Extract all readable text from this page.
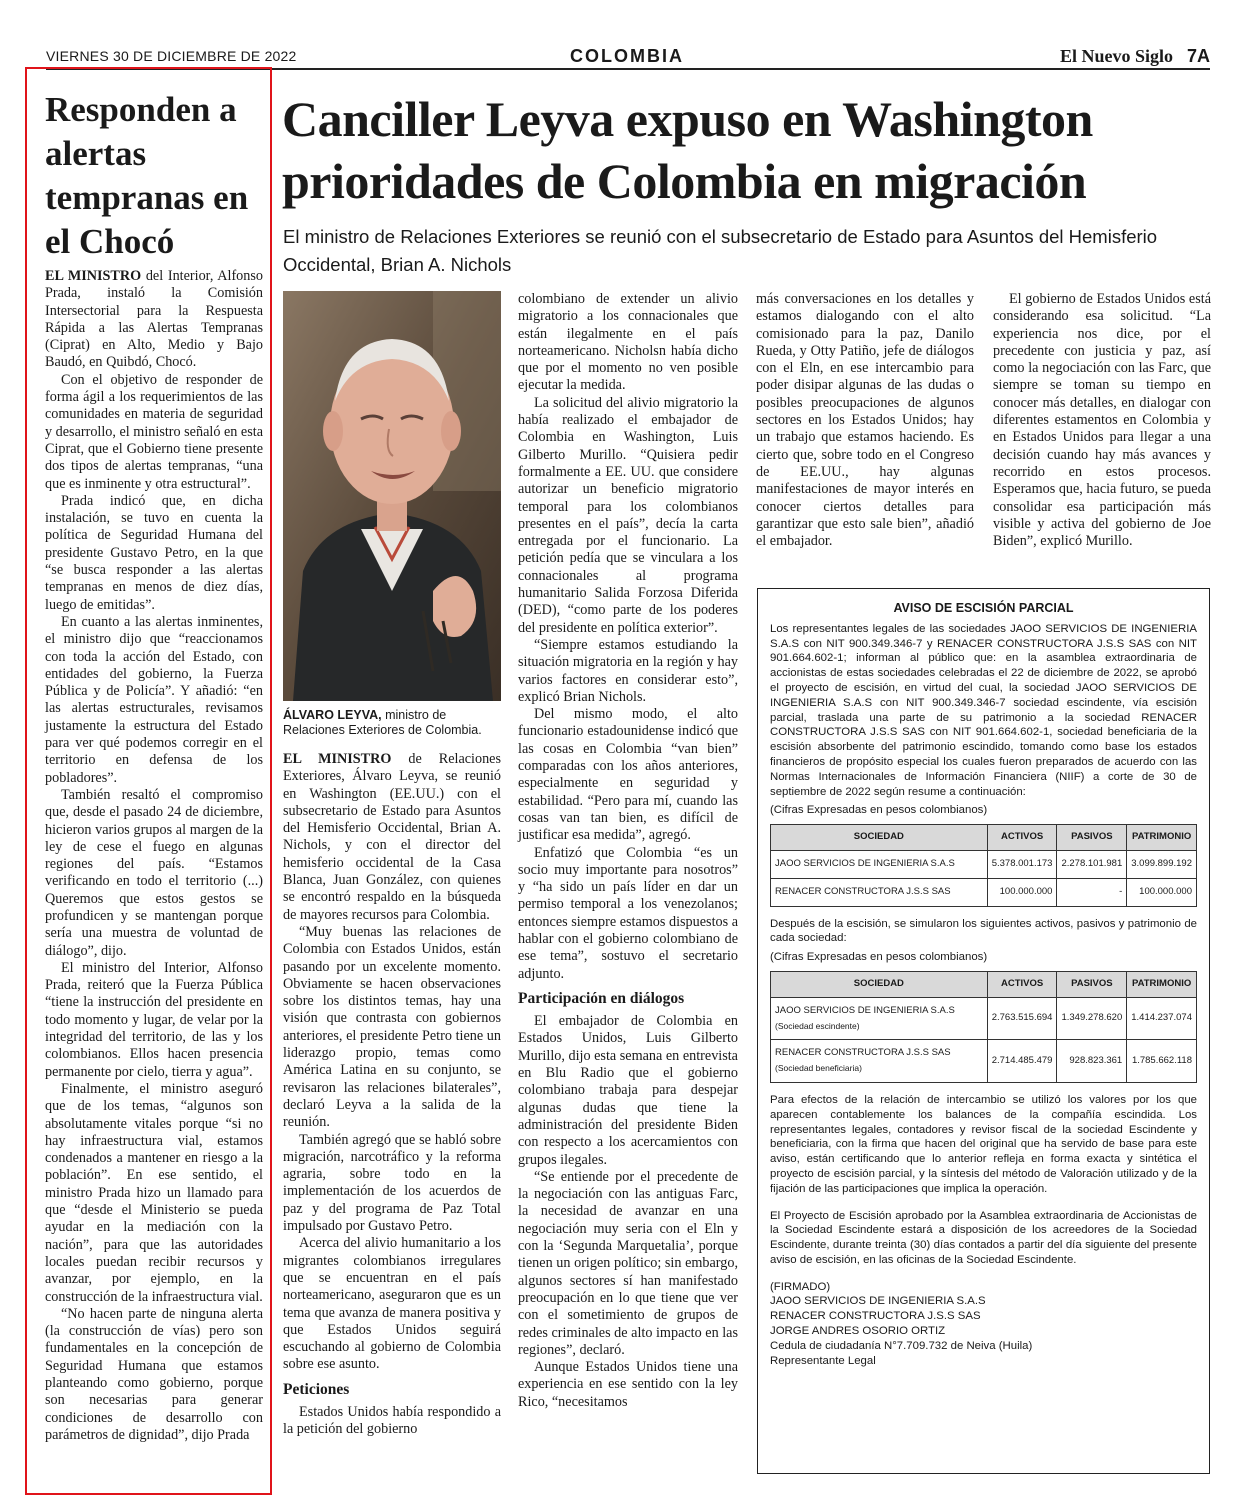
VIERNES 30 DE DICIEMBRE DE 2022	COLOMBIA	El Nuevo Siglo 7A
Responden a alertas tempranas en el Chocó

EL MINISTRO del Interior, Alfonso Prada, instaló la Comisión Intersectorial para la Respuesta Rápida a las Alertas Tempranas (Ciprat) en Alto, Medio y Bajo Baudó, en Quibdó, Chocó.

Con el objetivo de responder de forma ágil a los requerimientos de las comunidades en materia de seguridad y desarrollo, el ministro señaló en esta Ciprat, que el Gobierno tiene presente dos tipos de alertas tempranas, “una que es inminente y otra estructural”.

Prada indicó que, en dicha instalación, se tuvo en cuenta la política de Seguridad Humana del presidente Gustavo Petro, en la que “se busca responder a las alertas tempranas en menos de diez días, luego de emitidas”.

En cuanto a las alertas inminentes, el ministro dijo que “reaccionamos con toda la acción del Estado, con entidades del gobierno, la Fuerza Pública y de Policía”. Y añadió: “en las alertas estructurales, revisamos justamente la estructura del Estado para ver qué podemos corregir en el territorio en defensa de los pobladores”.

También resaltó el compromiso que, desde el pasado 24 de diciembre, hicieron varios grupos al margen de la ley de cese el fuego en algunas regiones del país. “Estamos verificando en todo el territorio (...) Queremos que estos gestos se profundicen y se mantengan porque sería una muestra de voluntad de diálogo”, dijo.

El ministro del Interior, Alfonso Prada, reiteró que la Fuerza Pública “tiene la instrucción del presidente en todo momento y lugar, de velar por la integridad del territorio, de las y los colombianos. Ellos hacen presencia permanente por cielo, tierra y agua”.

Finalmente, el ministro aseguró que de los temas, “algunos son absolutamente vitales porque “si no hay infraestructura vial, estamos condenados a mantener en riesgo a la población”. En ese sentido, el ministro Prada hizo un llamado para que “desde el Ministerio se pueda ayudar en la mediación con la nación”, para que las autoridades locales puedan recibir recursos y avanzar, por ejemplo, en la construcción de la infraestructura vial.

“No hacen parte de ninguna alerta (la construcción de vías) pero son fundamentales en la concepción de Seguridad Humana que estamos planteando como gobierno, porque son necesarias para generar condiciones de desarrollo con parámetros de dignidad”, dijo Prada

Canciller Leyva expuso en Washington prioridades de Colombia en migración
El ministro de Relaciones Exteriores se reunió con el subsecretario de Estado para Asuntos del Hemisferio Occidental, Brian A. Nichols
ÁLVARO LEYVA, ministro de Relaciones Exteriores de Colombia.

EL MINISTRO de Relaciones Exteriores, Álvaro Leyva, se reunió en Washington (EE.UU.) con el subsecretario de Estado para Asuntos del Hemisferio Occidental, Brian A. Nichols, y con el director del hemisferio occidental de la Casa Blanca, Juan González, con quienes se encontró respaldo en la búsqueda de mayores recursos para Colombia.

“Muy buenas las relaciones de Colombia con Estados Unidos, están pasando por un excelente momento. Obviamente se hacen observaciones sobre los distintos temas, hay una visión que contrasta con gobiernos anteriores, el presidente Petro tiene un liderazgo propio, temas como América Latina en su conjunto, se revisaron las relaciones bilaterales”, declaró Leyva a la salida de la reunión.

También agregó que se habló sobre migración, narcotráfico y la reforma agraria, sobre todo en la implementación de los acuerdos de paz y del programa de Paz Total impulsado por Gustavo Petro.

Acerca del alivio humanitario a los migrantes colombianos irregulares que se encuentran en el país norteamericano, aseguraron que es un tema que avanza de manera positiva y que Estados Unidos seguirá escuchando al gobierno de Colombia sobre ese asunto.

Peticiones

Estados Unidos había respondido a la petición del gobierno

colombiano de extender un alivio migratorio a los connacionales que están ilegalmente en el país norteamericano. Nicholsn había dicho que por el momento no ven posible ejecutar la medida.

La solicitud del alivio migratorio la había realizado el embajador de Colombia en Washington, Luis Gilberto Murillo. “Quisiera pedir formalmente a EE. UU. que considere autorizar un beneficio migratorio temporal para los colombianos presentes en el país”, decía la carta entregada por el funcionario. La petición pedía que se vinculara a los connacionales al programa humanitario Salida Forzosa Diferida (DED), “como parte de los poderes del presidente en política exterior”.

“Siempre estamos estudiando la situación migratoria en la región y hay varios factores en considerar esto”, explicó Brian Nichols.

Del mismo modo, el alto funcionario estadounidense indicó que las cosas en Colombia “van bien” comparadas con los años anteriores, especialmente en seguridad y estabilidad. “Pero para mí, cuando las cosas van tan bien, es difícil de justificar esa medida”, agregó.

Enfatizó que Colombia “es un socio muy importante para nosotros” y “ha sido un país líder en dar un permiso temporal a los venezolanos; entonces siempre estamos dispuestos a hablar con el gobierno colombiano de ese tema”, sostuvo el secretario adjunto.

Participación en diálogos

El embajador de Colombia en Estados Unidos, Luis Gilberto Murillo, dijo esta semana en entrevista en Blu Radio que el gobierno colombiano trabaja para despejar algunas dudas que tiene la administración del presidente Biden con respecto a los acercamientos con grupos ilegales.

“Se entiende por el precedente de la negociación con las antiguas Farc, la necesidad de avanzar en una negociación muy seria con el Eln y con la ‘Segunda Marquetalia’, porque tienen un origen político; sin embargo, algunos sectores sí han manifestado preocupación en lo que tiene que ver con el sometimiento de grupos de redes criminales de alto impacto en las regiones”, declaró.

Aunque Estados Unidos tiene una experiencia en ese sentido con la ley Rico, “necesitamos

más conversaciones en los detalles y estamos dialogando con el alto comisionado para la paz, Danilo Rueda, y Otty Patiño, jefe de diálogos con el Eln, en ese intercambio para poder disipar algunas de las dudas o posibles preocupaciones de algunos sectores en los Estados Unidos; hay un trabajo que estamos haciendo. Es cierto que, sobre todo en el Congreso de EE.UU., hay algunas manifestaciones de mayor interés en conocer ciertos detalles para garantizar que esto sale bien”, añadió el embajador.

El gobierno de Estados Unidos está considerando esa solicitud. “La experiencia nos dice, por el precedente con justicia y paz, así como la negociación con las Farc, que siempre se toman su tiempo en conocer más detalles, en dialogar con diferentes estamentos en Colombia y en Estados Unidos para llegar a una decisión cuando hay más avances y recorrido en estos procesos. Esperamos que, hacia futuro, se pueda consolidar esa participación más visible y activa del gobierno de Joe Biden”, explicó Murillo.

AVISO DE ESCISIÓN PARCIAL

Los representantes legales de las sociedades JAOO SERVICIOS DE INGENIERIA S.A.S con NIT 900.349.346-7 y RENACER CONSTRUCTORA J.S.S SAS con NIT 901.664.602-1; informan al público que: en la asamblea extraordinaria de accionistas de estas sociedades celebradas el 22 de diciembre de 2022, se aprobó el proyecto de escisión, en virtud del cual, la sociedad JAOO SERVICIOS DE INGENIERIA S.A.S con NIT 900.349.346-7 sociedad escindente, vía escisión parcial, traslada una parte de su patrimonio a la sociedad RENACER CONSTRUCTORA J.S.S SAS con NIT 901.664.602-1, sociedad beneficiaria de la escisión absorbente del patrimonio escindido, tomando como base los estados financieros de propósito especial los cuales fueron preparados de acuerdo con las Normas Internacionales de Información Financiera (NIIF) a corte de 30 de septiembre de 2022 según resume a continuación:

(Cifras Expresadas en pesos colombianos)

SOCIEDAD	ACTIVOS	PASIVOS	PATRIMONIO
JAOO SERVICIOS DE INGENIERIA S.A.S	5.378.001.173	2.278.101.981	3.099.899.192
RENACER CONSTRUCTORA J.S.S SAS	100.000.000	-	100.000.000

Después de la escisión, se simularon los siguientes activos, pasivos y patrimonio de cada sociedad:

(Cifras Expresadas en pesos colombianos)

SOCIEDAD	ACTIVOS	PASIVOS	PATRIMONIO
JAOO SERVICIOS DE INGENIERIA S.A.S
(Sociedad escindente)	2.763.515.694	1.349.278.620	1.414.237.074
RENACER CONSTRUCTORA J.S.S SAS
(Sociedad beneficiaria)	2.714.485.479	928.823.361	1.785.662.118

Para efectos de la relación de intercambio se utilizó los valores por los que aparecen contablemente los balances de la compañía escindida. Los representantes legales, contadores y revisor fiscal de la sociedad Escindente y beneficiaria, con la firma que hacen del original que ha servido de base para este aviso, están certificando que lo anterior refleja en forma exacta y sintética el proyecto de escisión parcial, y la síntesis del método de Valoración utilizado y de la fijación de las participaciones que implica la operación.

El Proyecto de Escisión aprobado por la Asamblea extraordinaria de Accionistas de la Sociedad Escindente estará a disposición de los acreedores de la Sociedad Escindente, durante treinta (30) días contados a partir del día siguiente del presente aviso de escisión, en las oficinas de la Sociedad Escindente.

(FIRMADO)

JAOO SERVICIOS DE INGENIERIA S.A.S

RENACER CONSTRUCTORA J.S.S SAS

JORGE ANDRES OSORIO ORTIZ

Cedula de ciudadanía N°7.709.732 de Neiva (Huila)

Representante Legal
